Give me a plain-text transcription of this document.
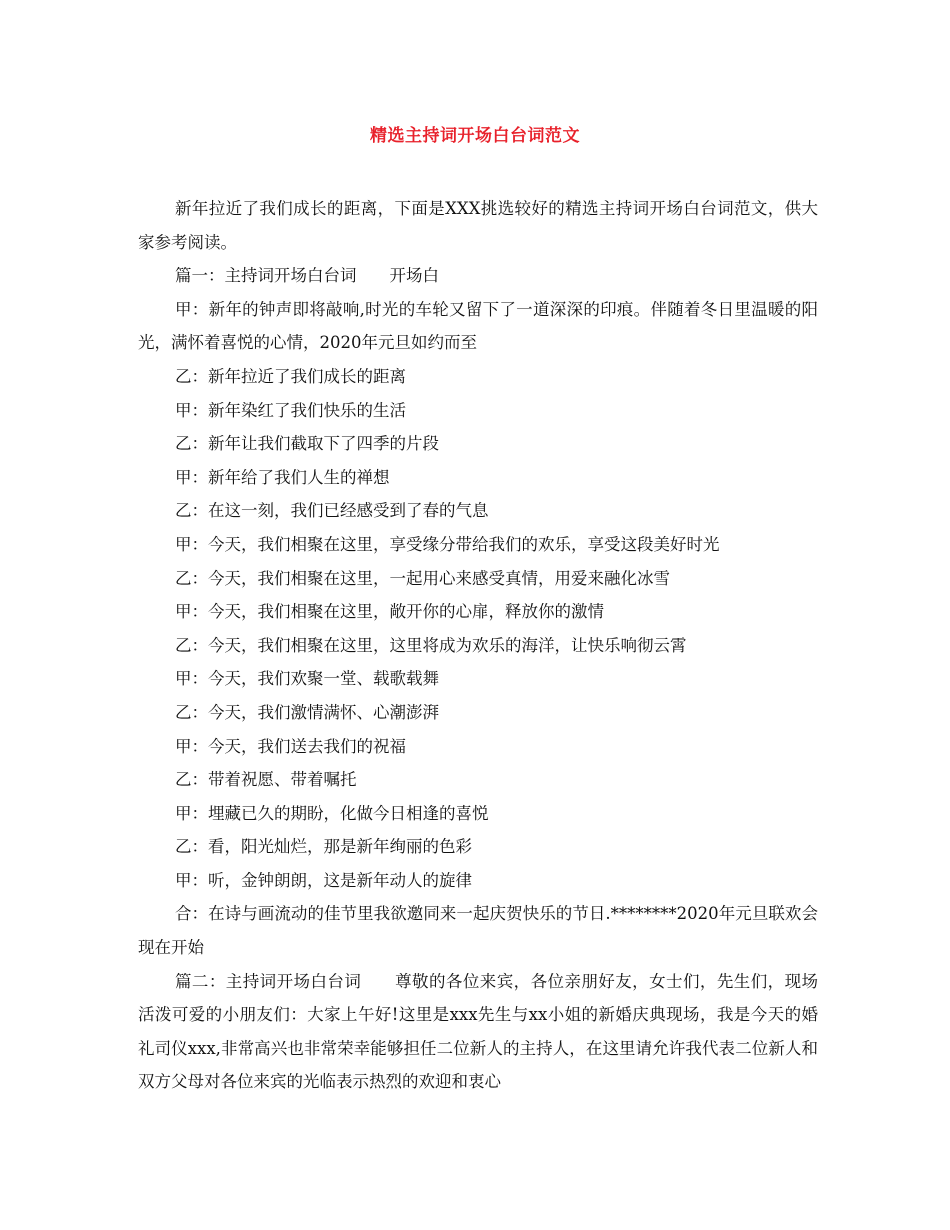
精选主持词开场白台词范文

新年拉近了我们成长的距离，下面是XXX挑选较好的精选主持词开场白台词范文，供大家参考阅读。

篇一：主持词开场白台词　　开场白

甲：新年的钟声即将敲响,时光的车轮又留下了一道深深的印痕。伴随着冬日里温暖的阳光，满怀着喜悦的心情，2020年元旦如约而至

乙：新年拉近了我们成长的距离

甲：新年染红了我们快乐的生活

乙：新年让我们截取下了四季的片段

甲：新年给了我们人生的禅想

乙：在这一刻，我们已经感受到了春的气息

甲：今天，我们相聚在这里，享受缘分带给我们的欢乐，享受这段美好时光

乙：今天，我们相聚在这里，一起用心来感受真情，用爱来融化冰雪

甲：今天，我们相聚在这里，敞开你的心扉，释放你的激情

乙：今天，我们相聚在这里，这里将成为欢乐的海洋，让快乐响彻云霄

甲：今天，我们欢聚一堂、载歌载舞

乙：今天，我们激情满怀、心潮澎湃

甲：今天，我们送去我们的祝福

乙：带着祝愿、带着嘱托

甲：埋藏已久的期盼，化做今日相逢的喜悦

乙：看，阳光灿烂，那是新年绚丽的色彩

甲：听，金钟朗朗，这是新年动人的旋律

合：在诗与画流动的佳节里我欲邀同来一起庆贺快乐的节日.********2020年元旦联欢会现在开始

篇二：主持词开场白台词　　尊敬的各位来宾，各位亲朋好友，女士们，先生们，现场活泼可爱的小朋友们：大家上午好!这里是xxx先生与xx小姐的新婚庆典现场，我是今天的婚礼司仪xxx,非常高兴也非常荣幸能够担任二位新人的主持人，在这里请允许我代表二位新人和双方父母对各位来宾的光临表示热烈的欢迎和衷心
